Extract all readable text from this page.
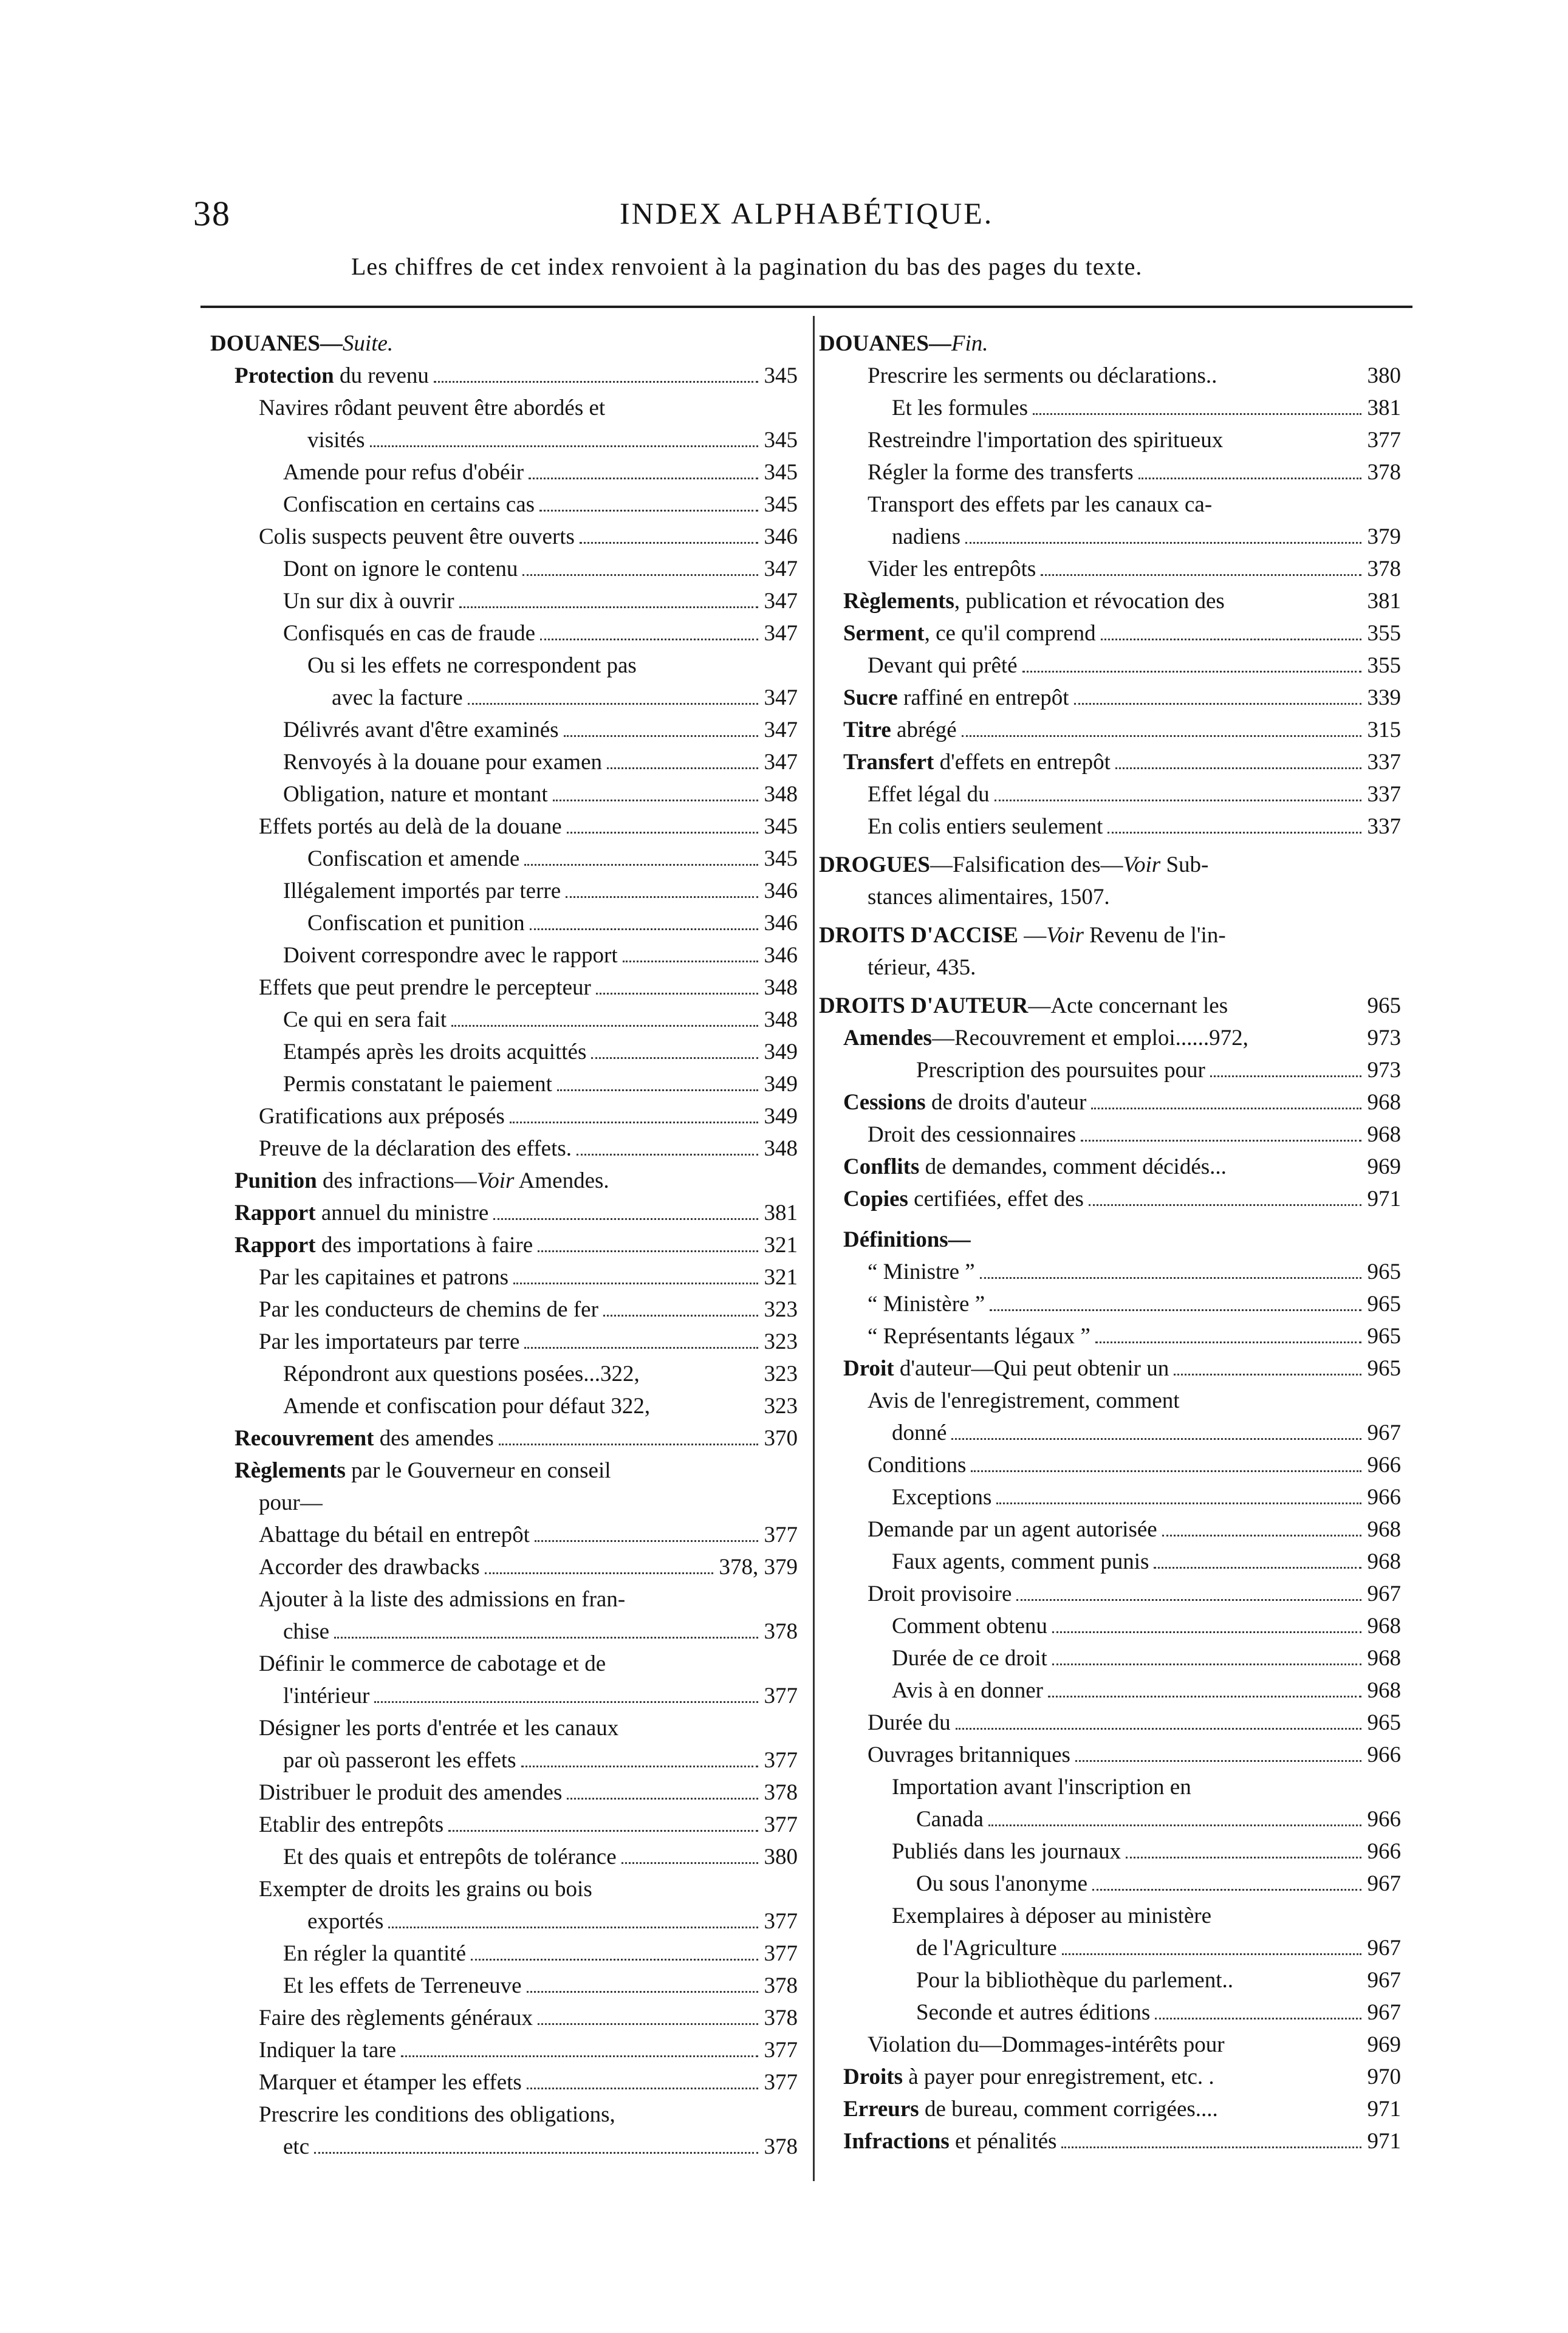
38	INDEX ALPHABÉTIQUE.
Les chiffres de cet index renvoient à la pagination du bas des pages du texte.
DOUANES—Suite.
Protection du revenu	345
Navires rôdant peuvent être abordés et
visités	345
Amende pour refus d'obéir	345
Confiscation en certains cas	345
Colis suspects peuvent être ouverts	346
Dont on ignore le contenu	347
Un sur dix à ouvrir	347
Confisqués en cas de fraude	347
Ou si les effets ne correspondent pas
avec la facture	347
Délivrés avant d'être examinés	347
Renvoyés à la douane pour examen	347
Obligation, nature et montant	348
Effets portés au delà de la douane	345
Confiscation et amende	345
Illégalement importés par terre	346
Confiscation et punition	346
Doivent correspondre avec le rapport	346
Effets que peut prendre le percepteur	348
Ce qui en sera fait	348
Etampés après les droits acquittés	349
Permis constatant le paiement	349
Gratifications aux préposés	349
Preuve de la déclaration des effets.	348
Punition des infractions—Voir Amendes.
Rapport annuel du ministre	381
Rapport des importations à faire	321
Par les capitaines et patrons	321
Par les conducteurs de chemins de fer	323
Par les importateurs par terre	323
Répondront aux questions posées...322,	323
Amende et confiscation pour défaut 322,	323
Recouvrement des amendes	370
Règlements par le Gouverneur en conseil
pour—
Abattage du bétail en entrepôt	377
Accorder des drawbacks	378, 379
Ajouter à la liste des admissions en fran-
chise	378
Définir le commerce de cabotage et de
l'intérieur	377
Désigner les ports d'entrée et les canaux
par où passeront les effets	377
Distribuer le produit des amendes	378
Etablir des entrepôts	377
Et des quais et entrepôts de tolérance	380
Exempter de droits les grains ou bois
exportés	377
En régler la quantité	377
Et les effets de Terreneuve	378
Faire des règlements généraux	378
Indiquer la tare	377
Marquer et étamper les effets	377
Prescrire les conditions des obligations,
etc	378
DOUANES—Fin.
Prescrire les serments ou déclarations..	380
Et les formules	381
Restreindre l'importation des spiritueux	377
Régler la forme des transferts	378
Transport des effets par les canaux ca-
nadiens	379
Vider les entrepôts	378
Règlements, publication et révocation des	381
Serment, ce qu'il comprend	355
Devant qui prêté	355
Sucre raffiné en entrepôt	339
Titre abrégé	315
Transfert d'effets en entrepôt	337
Effet légal du	337
En colis entiers seulement	337
DROGUES—Falsification des—Voir Sub-
stances alimentaires, 1507.
DROITS D'ACCISE —Voir Revenu de l'in-
térieur, 435.
DROITS D'AUTEUR—Acte concernant les	965
Amendes—Recouvrement et emploi......972,	973
Prescription des poursuites pour	973
Cessions de droits d'auteur	968
Droit des cessionnaires	968
Conflits de demandes, comment décidés...	969
Copies certifiées, effet des	971
Définitions—
“ Ministre ”	965
“ Ministère ”	965
“ Représentants légaux ”	965
Droit d'auteur—Qui peut obtenir un	965
Avis de l'enregistrement, comment
donné	967
Conditions	966
Exceptions	966
Demande par un agent autorisée	968
Faux agents, comment punis	968
Droit provisoire	967
Comment obtenu	968
Durée de ce droit	968
Avis à en donner	968
Durée du	965
Ouvrages britanniques	966
Importation avant l'inscription en
Canada	966
Publiés dans les journaux	966
Ou sous l'anonyme	967
Exemplaires à déposer au ministère
de l'Agriculture	967
Pour la bibliothèque du parlement..	967
Seconde et autres éditions	967
Violation du—Dommages-intérêts pour	969
Droits à payer pour enregistrement, etc. .	970
Erreurs de bureau, comment corrigées....	971
Infractions et pénalités	971
